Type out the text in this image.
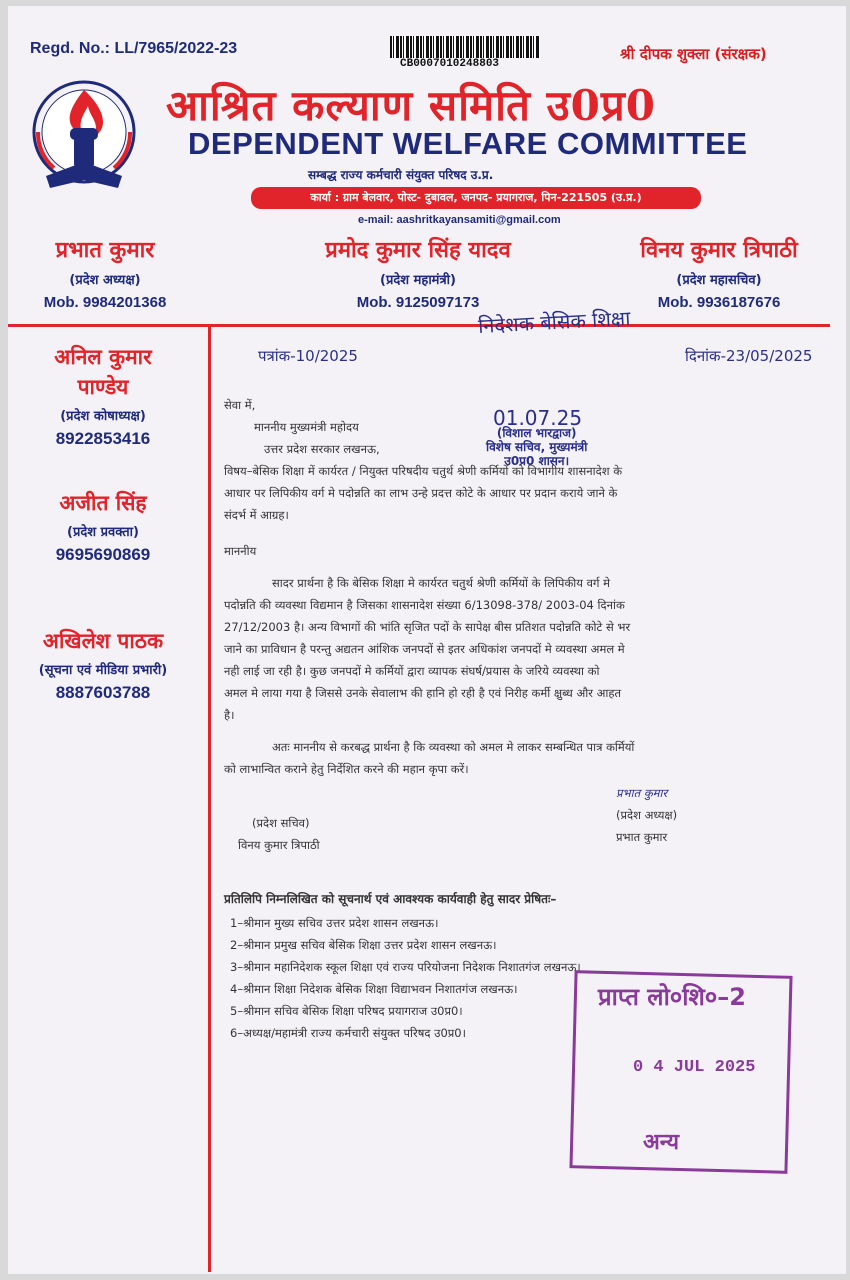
Regd. No.: LL/7965/2022-23
CB0007010248803
श्री दीपक शुक्ला (संरक्षक)
आश्रित कल्याण समिति उ0प्र0
DEPENDENT WELFARE COMMITTEE
सम्बद्ध राज्य कर्मचारी संयुक्त परिषद उ.प्र.
कार्या : ग्राम बेलवार, पोस्ट- दुबावल, जनपद- प्रयागराज, पिन-221505 (उ.प्र.)
e-mail: aashritkayansamiti@gmail.com
प्रभात कुमार
(प्रदेश अध्यक्ष)
Mob. 9984201368
प्रमोद कुमार सिंह यादव
(प्रदेश महामंत्री)
Mob. 9125097173
विनय कुमार त्रिपाठी
(प्रदेश महासचिव)
Mob. 9936187676
अनिल कुमार
पाण्डेय
(प्रदेश कोषाध्यक्ष)
8922853416
अजीत सिंह
(प्रदेश प्रवक्ता)
9695690869
अखिलेश पाठक
(सूचना एवं मीडिया प्रभारी)
8887603788
पत्रांक-10/2025
निदेशक बेसिक शिक्षा
दिनांक-23/05/2025
01.07.25
(विशाल भारद्वाज)
विशेष सचिव, मुख्यमंत्री
उ0प्र0 शासन।
सेवा में,
माननीय मुख्यमंत्री महोदय
उत्तर प्रदेश सरकार लखनऊ,
विषय–बेसिक शिक्षा में कार्यरत / नियुक्त परिषदीय चतुर्थ श्रेणी कर्मियों को विभागीय शासनादेश के
आधार पर लिपिकीय वर्ग मे पदोन्नति का लाभ उन्हे प्रदत्त कोटे के आधार पर प्रदान कराये जाने के
संदर्भ में आग्रह।
माननीय
सादर प्रार्थना है कि बेसिक शिक्षा मे कार्यरत चतुर्थ श्रेणी कर्मियों के लिपिकीय वर्ग मे
पदोन्नति की व्यवस्था विद्यमान है जिसका शासनादेश संख्या 6/13098-378/ 2003-04 दिनांक
27/12/2003 है। अन्य विभागों की भांति सृजित पदों के सापेक्ष बीस प्रतिशत पदोन्नति कोटे से भर
जाने का प्राविधान है परन्तु अद्यतन आंशिक जनपदों से इतर अधिकांश जनपदों मे व्यवस्था अमल मे
नही लाई जा रही है। कुछ जनपदों मे कर्मियों द्वारा व्यापक संघर्ष/प्रयास के जरिये व्यवस्था को
अमल मे लाया गया है जिससे उनके सेवालाभ की हानि हो रही है एवं निरीह कर्मी क्षुब्ध और आहत
है।
अतः माननीय से करबद्ध प्रार्थना है कि व्यवस्था को अमल मे लाकर सम्बन्धित पात्र कर्मियों
को लाभान्वित कराने हेतु निर्देशित करने की महान कृपा करें।
(प्रदेश सचिव)
विनय कुमार त्रिपाठी
प्रभात कुमार
(प्रदेश अध्यक्ष)
प्रभात कुमार
प्रतिलिपि निम्नलिखित को सूचनार्थ एवं आवश्यक कार्यवाही हेतु सादर प्रेषितः–
1–श्रीमान मुख्य सचिव उत्तर प्रदेश शासन लखनऊ।
2–श्रीमान प्रमुख सचिव बेसिक शिक्षा उत्तर प्रदेश शासन लखनऊ।
3–श्रीमान महानिदेशक स्कूल शिक्षा एवं राज्य परियोजना निदेशक निशातगंज लखनऊ।
4–श्रीमान शिक्षा निदेशक बेसिक शिक्षा विद्याभवन निशातगंज लखनऊ।
5–श्रीमान सचिव बेसिक शिक्षा परिषद प्रयागराज उ0प्र0।
6–अध्यक्ष/महामंत्री राज्य कर्मचारी संयुक्त परिषद उ0प्र0।
प्राप्त लो०शि०–2
0 4 JUL 2025
अन्य
